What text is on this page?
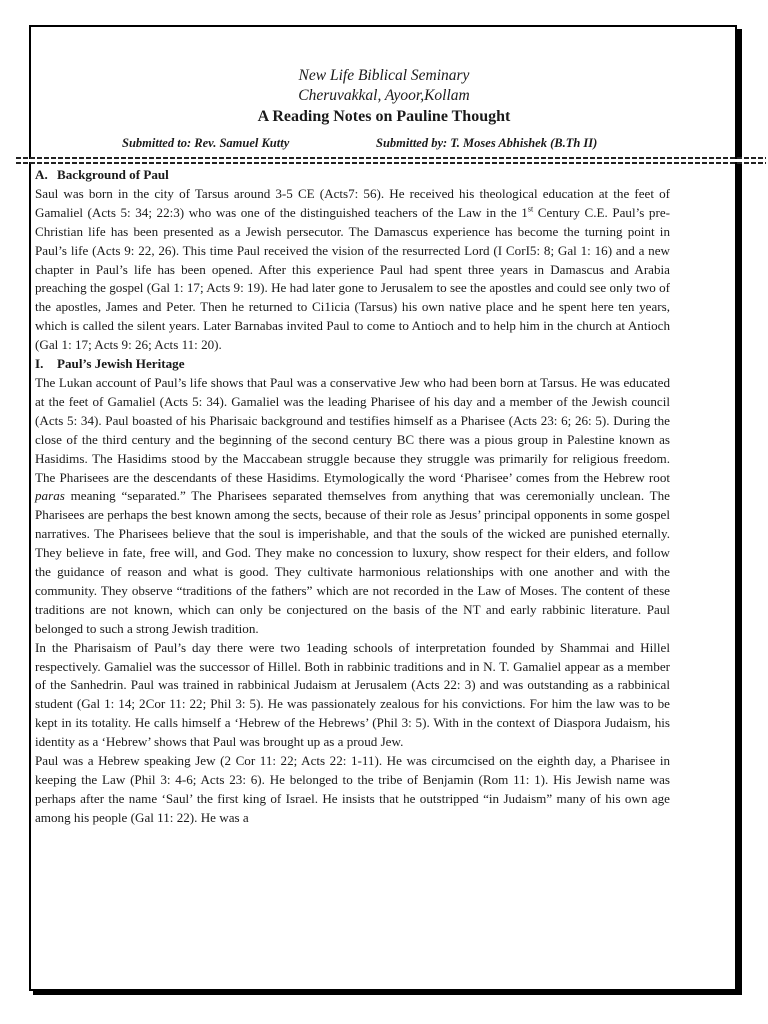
New Life Biblical Seminary
Cheruvakkal, Ayoor,Kollam
A Reading Notes on Pauline Thought
Submitted to: Rev. Samuel Kutty	Submitted by: T. Moses Abhishek (B.Th II)
A. Background of Paul

Saul was born in the city of Tarsus around 3-5 CE (Acts7: 56). He received his theological education at the feet of Gamaliel (Acts 5: 34; 22:3) who was one of the distinguished teachers of the Law in the 1st Century C.E. Paul’s pre-Christian life has been presented as a Jewish persecutor. The Damascus experience has become the turning point in Paul’s life (Acts 9: 22, 26). This time Paul received the vision of the resurrected Lord (I CorI5: 8; Gal 1: 16) and a new chapter in Paul’s life has been opened. After this experience Paul had spent three years in Damascus and Arabia preaching the gospel (Gal 1: 17; Acts 9: 19). He had later gone to Jerusalem to see the apostles and could see only two of the apostles, James and Peter. Then he returned to Ci1icia (Tarsus) his own native place and he spent here ten years, which is called the silent years. Later Barnabas invited Paul to come to Antioch and to help him in the church at Antioch (Gal 1: 17; Acts 9: 26; Acts 11: 20).

I. Paul’s Jewish Heritage

The Lukan account of Paul’s life shows that Paul was a conservative Jew who had been born at Tarsus. He was educated at the feet of Gamaliel (Acts 5: 34). Gamaliel was the leading Pharisee of his day and a member of the Jewish council (Acts 5: 34). Paul boasted of his Pharisaic background and testifies himself as a Pharisee (Acts 23: 6; 26: 5). During the close of the third century and the beginning of the second century BC there was a pious group in Palestine known as Hasidims. The Hasidims stood by the Maccabean struggle because they struggle was primarily for religious freedom. The Pharisees are the descendants of these Hasidims. Etymologically the word ‘Pharisee’ comes from the Hebrew root paras meaning “separated.” The Pharisees separated themselves from anything that was ceremonially unclean. The Pharisees are perhaps the best known among the sects, because of their role as Jesus’ principal opponents in some gospel narratives. The Pharisees believe that the soul is imperishable, and that the souls of the wicked are punished eternally. They believe in fate, free will, and God. They make no concession to luxury, show respect for their elders, and follow the guidance of reason and what is good. They cultivate harmonious relationships with one another and with the community. They observe “traditions of the fathers” which are not recorded in the Law of Moses. The content of these traditions are not known, which can only be conjectured on the basis of the NT and early rabbinic literature. Paul belonged to such a strong Jewish tradition.

In the Pharisaism of Paul’s day there were two 1eading schools of interpretation founded by Shammai and Hillel respectively. Gamaliel was the successor of Hillel. Both in rabbinic traditions and in N. T. Gamaliel appear as a member of the Sanhedrin. Paul was trained in rabbinical Judaism at Jerusalem (Acts 22: 3) and was outstanding as a rabbinical student (Gal 1: 14; 2Cor 11: 22; Phil 3: 5). He was passionately zealous for his convictions. For him the law was to be kept in its totality. He calls himself a ‘Hebrew of the Hebrews’ (Phil 3: 5). With in the context of Diaspora Judaism, his identity as a ‘Hebrew’ shows that Paul was brought up as a proud Jew.

Paul was a Hebrew speaking Jew (2 Cor 11: 22; Acts 22: 1-11). He was circumcised on the eighth day, a Pharisee in keeping the Law (Phil 3: 4-6; Acts 23: 6). He belonged to the tribe of Benjamin (Rom 11: 1). His Jewish name was perhaps after the name ‘Saul’ the first king of Israel. He insists that he outstripped “in Judaism” many of his own age among his people (Gal 11: 22). He was a
